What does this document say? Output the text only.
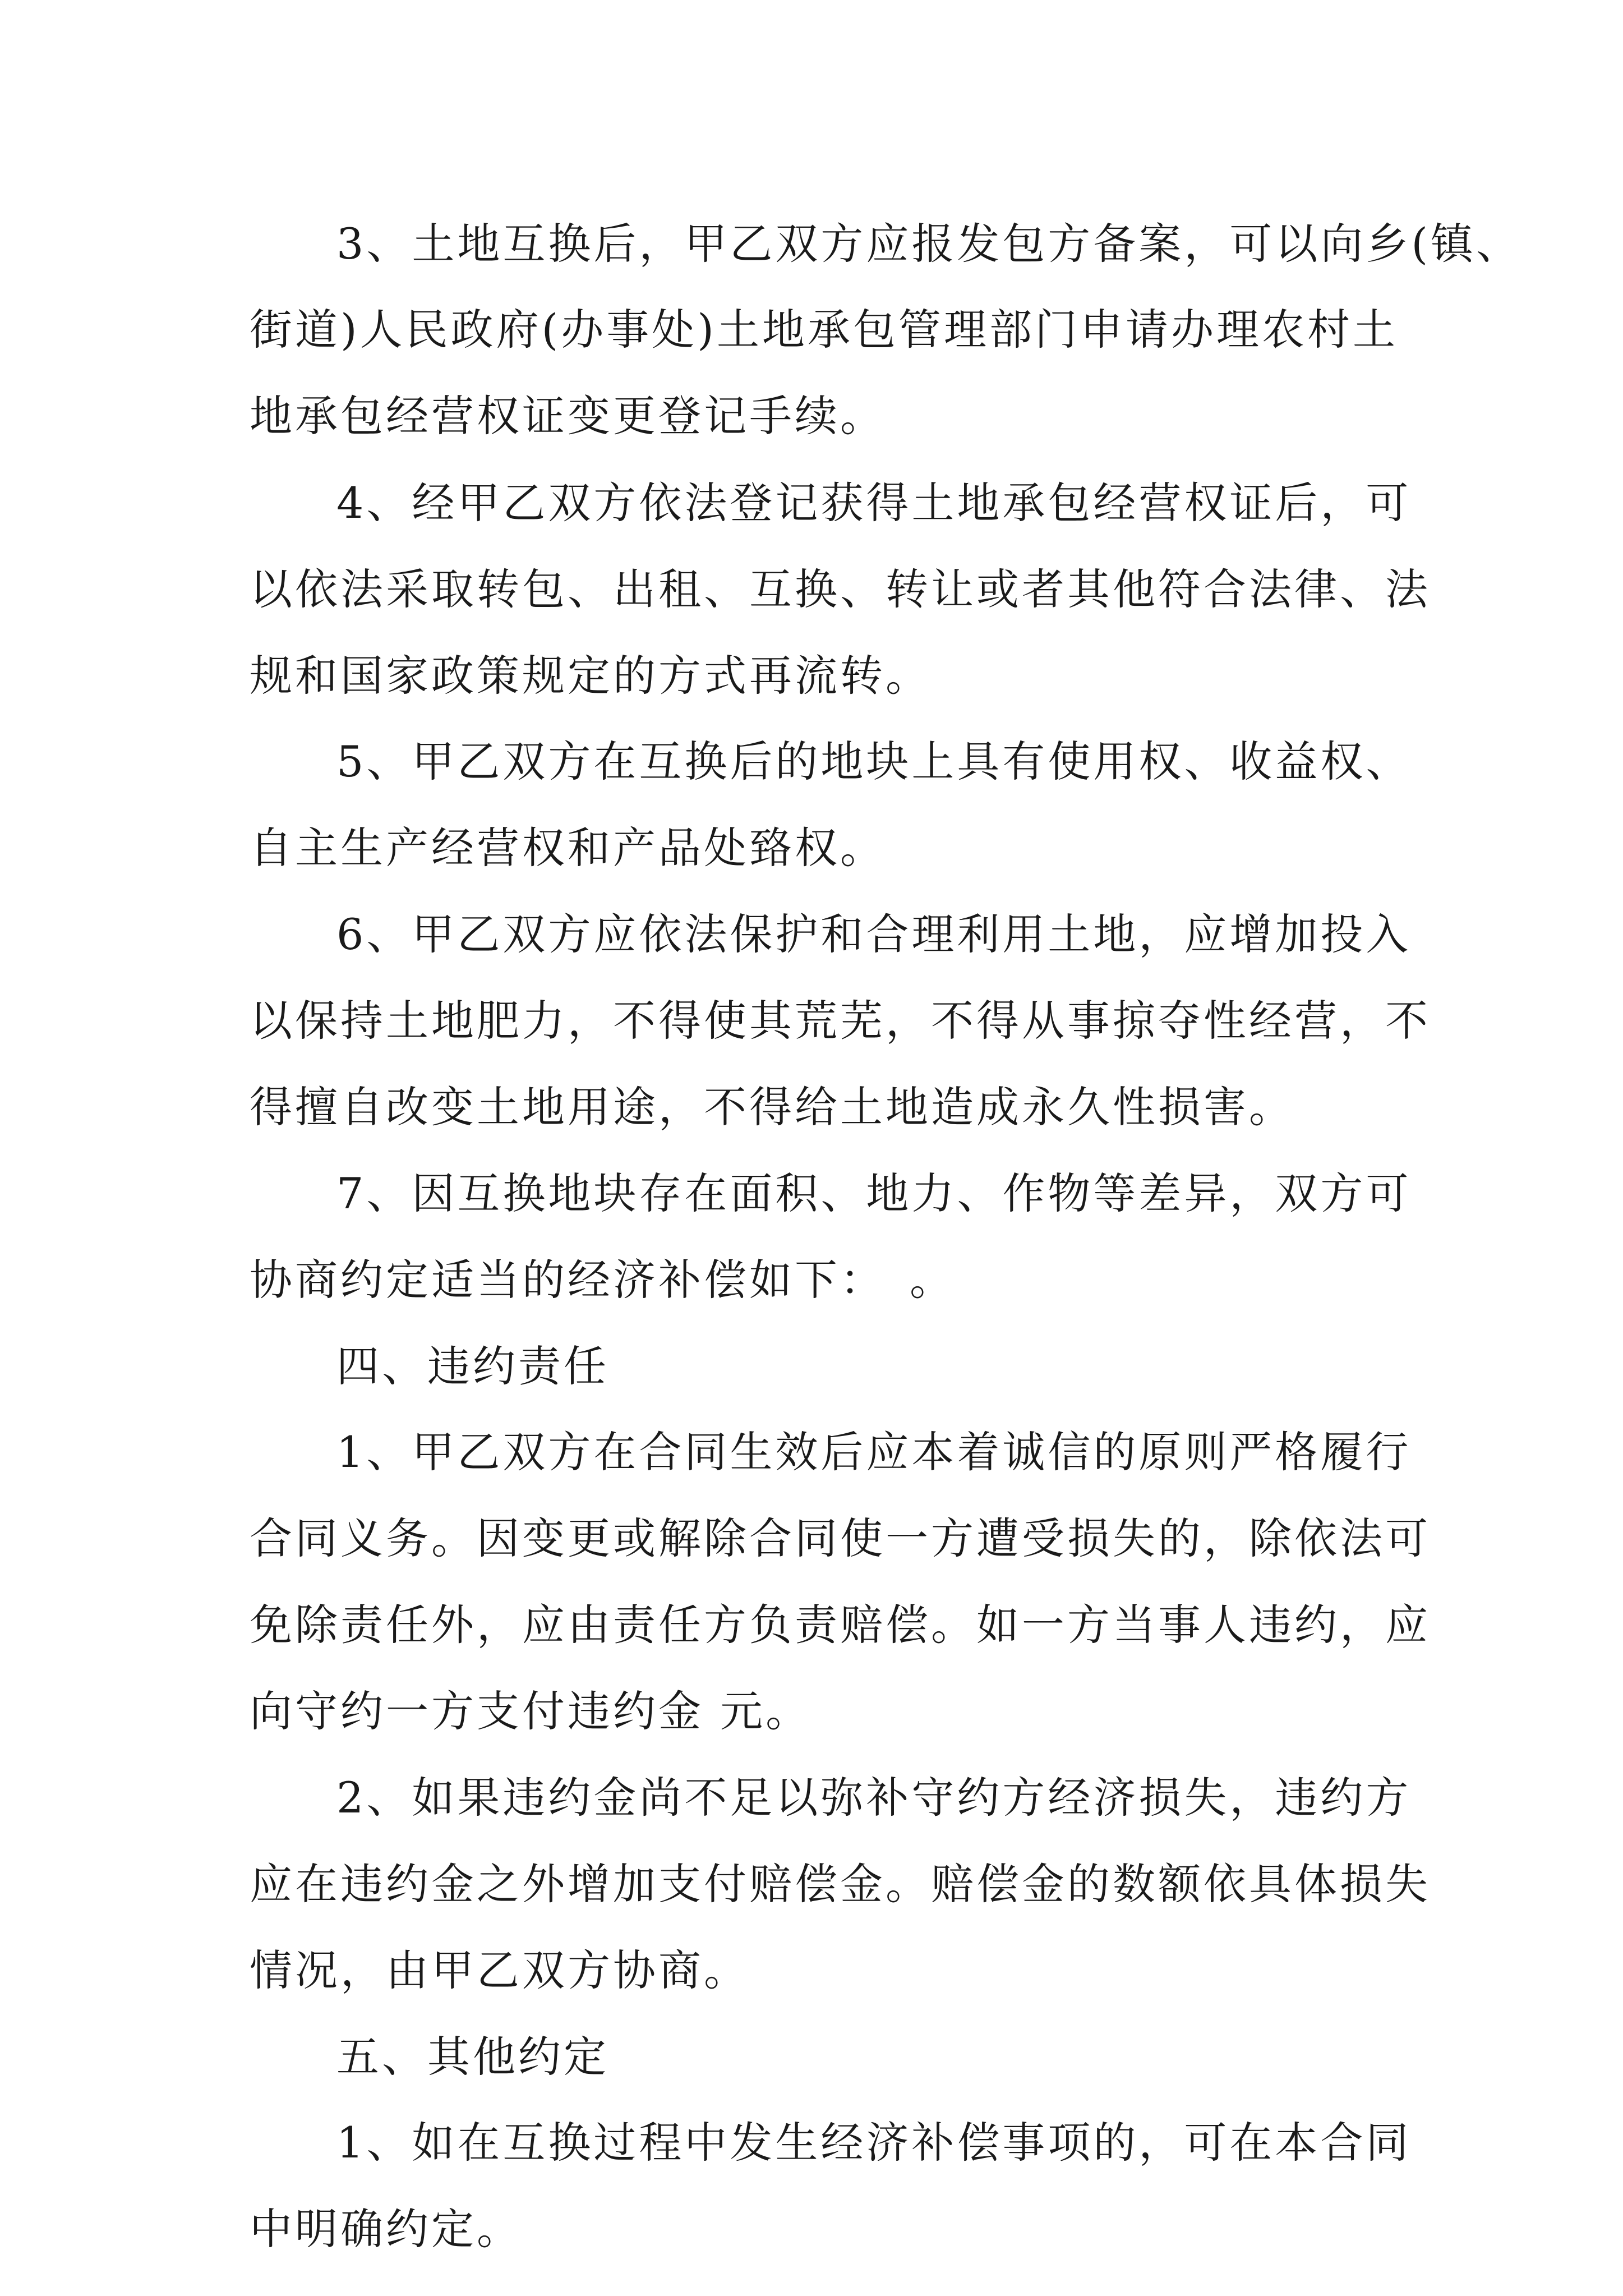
3、土地互换后，甲乙双方应报发包方备案，可以向乡(镇、
街道)人民政府(办事处)土地承包管理部门申请办理农村土
地承包经营权证变更登记手续。
4、经甲乙双方依法登记获得土地承包经营权证后，可
以依法采取转包、出租、互换、转让或者其他符合法律、法
规和国家政策规定的方式再流转。
5、甲乙双方在互换后的地块上具有使用权、收益权、
自主生产经营权和产品处臵权。
6、甲乙双方应依法保护和合理利用土地，应增加投入
以保持土地肥力，不得使其荒芜，不得从事掠夺性经营，不
得擅自改变土地用途，不得给土地造成永久性损害。
7、因互换地块存在面积、地力、作物等差异，双方可
协商约定适当的经济补偿如下：　。
四、违约责任
1、甲乙双方在合同生效后应本着诚信的原则严格履行
合同义务。因变更或解除合同使一方遭受损失的，除依法可
免除责任外，应由责任方负责赔偿。如一方当事人违约，应
向守约一方支付违约金 元。
2、如果违约金尚不足以弥补守约方经济损失，违约方
应在违约金之外增加支付赔偿金。赔偿金的数额依具体损失
情况，由甲乙双方协商。
五、其他约定
1、如在互换过程中发生经济补偿事项的，可在本合同
中明确约定。
